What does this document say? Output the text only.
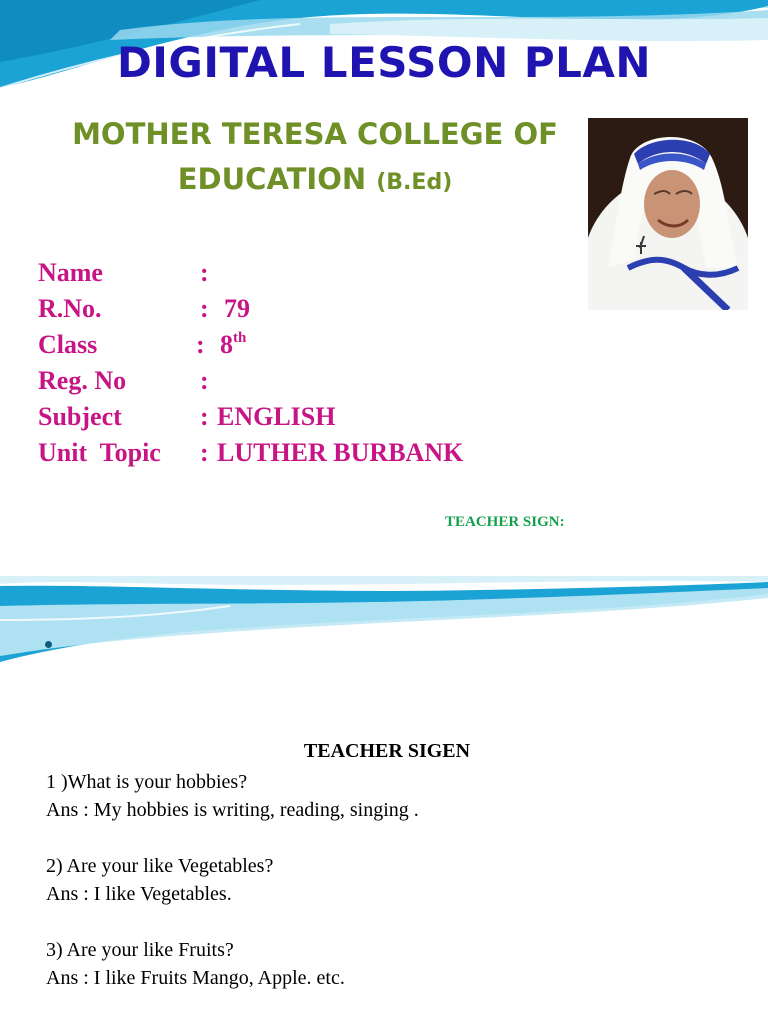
DIGITAL LESSON PLAN
MOTHER TERESA COLLEGE OF
EDUCATION (B.Ed)
Name	:
R.No.	: 79
Class	: 8th
Reg. No	:
Subject	: ENGLISH
Unit  Topic : LUTHER BURBANK
TEACHER SIGN:
TEACHER SIGEN
1 )What is your hobbies?
Ans : My hobbies is writing, reading, singing .
2) Are your like Vegetables?
Ans : I like Vegetables.
3) Are your like Fruits?
Ans : I like Fruits Mango, Apple. etc.
